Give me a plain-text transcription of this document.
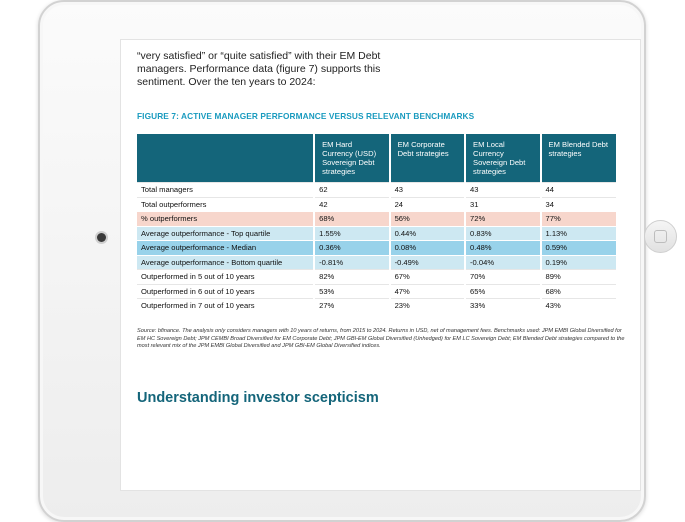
“very satisfied” or “quite satisfied” with their EM Debt managers. Performance data (figure 7) supports this sentiment. Over the ten years to 2024:
FIGURE 7: ACTIVE MANAGER PERFORMANCE VERSUS RELEVANT BENCHMARKS
	EM Hard Currency (USD) Sovereign Debt strategies	EM Corporate Debt strategies	EM Local Currency Sovereign Debt strategies	EM Blended Debt strategies
Total managers	62	43	43	44
Total outperformers	42	24	31	34
% outperformers	68%	56%	72%	77%
Average outperformance - Top quartile	1.55%	0.44%	0.83%	1.13%
Average outperformance - Median	0.36%	0.08%	0.48%	0.59%
Average outperformance - Bottom quartile	-0.81%	-0.49%	-0.04%	0.19%
Outperformed in 5 out of 10 years	82%	67%	70%	89%
Outperformed in 6 out of 10 years	53%	47%	65%	68%
Outperformed in 7 out of 10 years	27%	23%	33%	43%
Source: bfinance. The analysis only considers managers with 10 years of returns, from 2015 to 2024. Returns in USD, net of management fees. Benchmarks used: JPM EMBI Global Diversified for EM HC Sovereign Debt; JPM CEMBI Broad Diversified for EM Corporate Debt; JPM GBI-EM Global Diversified (Unhedged) for EM LC Sovereign Debt; EM Blended Debt strategies compared to the most relevant mix of the JPM EMBI Global Diversified and JPM GBI-EM Global Diversified indices.
Understanding investor scepticism
